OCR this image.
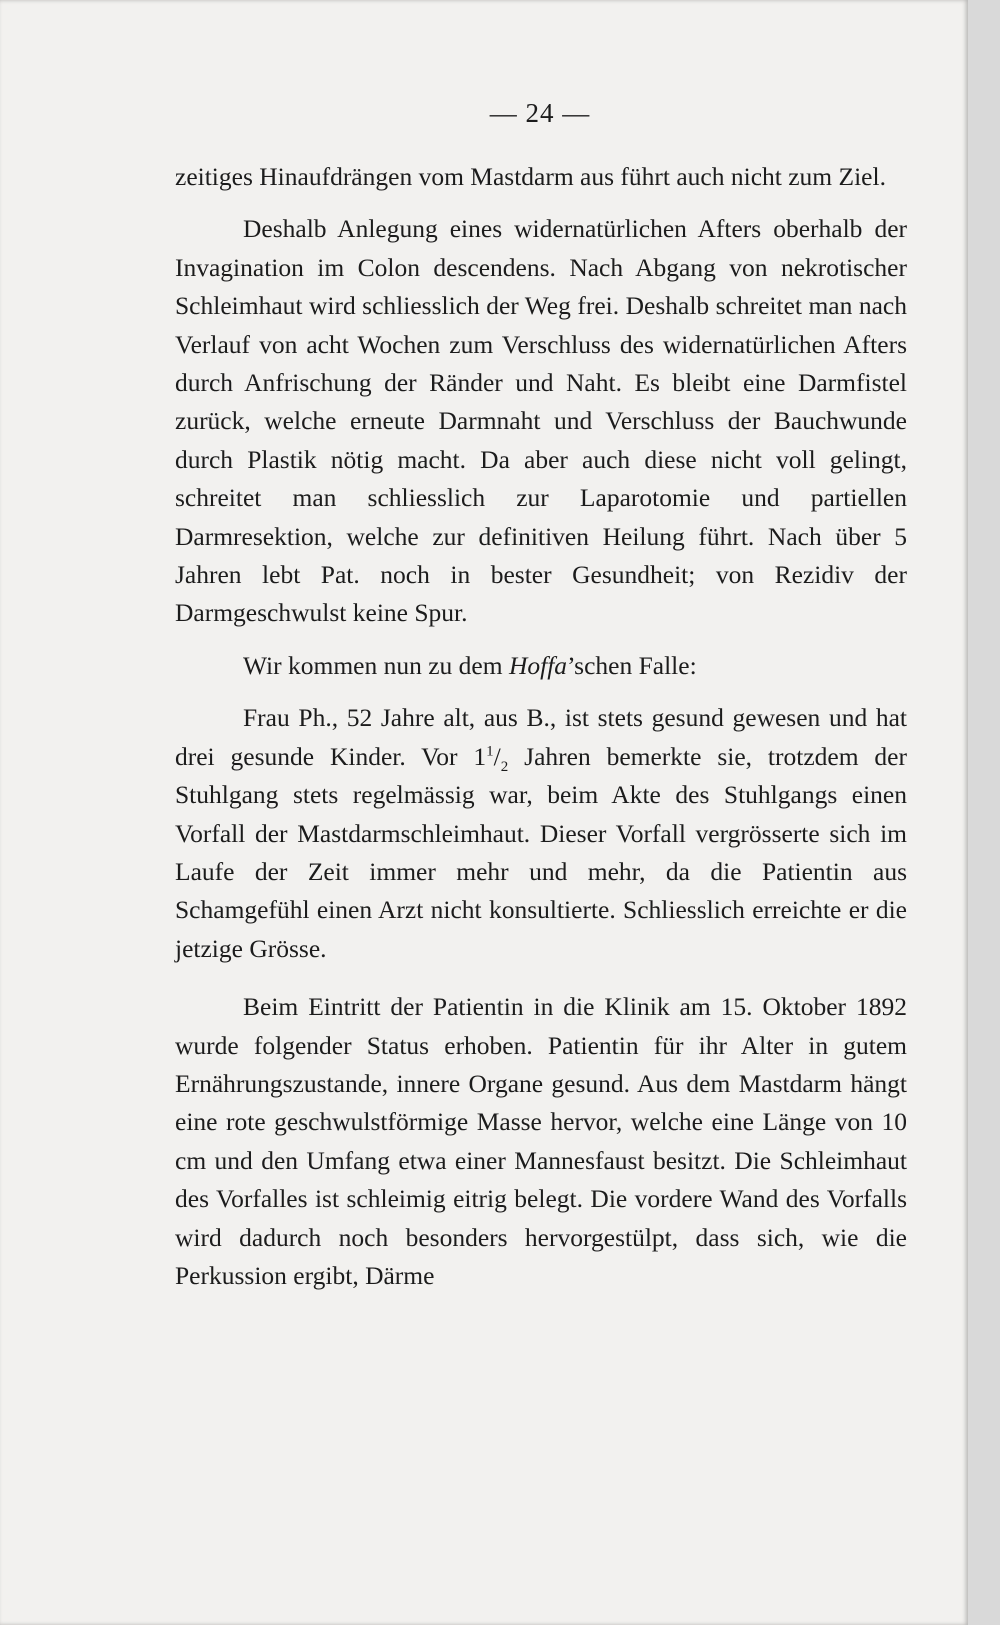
— 24 —

zeitiges Hinaufdrängen vom Mastdarm aus führt auch nicht zum Ziel.

Deshalb Anlegung eines widernatürlichen Afters oberhalb der Invagination im Colon descendens. Nach Abgang von nekrotischer Schleimhaut wird schliesslich der Weg frei. Deshalb schreitet man nach Verlauf von acht Wochen zum Verschluss des widernatürlichen Afters durch Anfrischung der Ränder und Naht. Es bleibt eine Darmfistel zurück, welche erneute Darmnaht und Verschluss der Bauchwunde durch Plastik nötig macht. Da aber auch diese nicht voll gelingt, schreitet man schliesslich zur Laparotomie und partiellen Darmresektion, welche zur definitiven Heilung führt. Nach über 5 Jahren lebt Pat. noch in bester Gesundheit; von Rezidiv der Darmgeschwulst keine Spur.

Wir kommen nun zu dem Hoffa’schen Falle:

Frau Ph., 52 Jahre alt, aus B., ist stets gesund gewesen und hat drei gesunde Kinder. Vor $1^1/_2$ Jahren bemerkte sie, trotzdem der Stuhlgang stets regelmässig war, beim Akte des Stuhlgangs einen Vorfall der Mastdarmschleimhaut. Dieser Vorfall vergrösserte sich im Laufe der Zeit immer mehr und mehr, da die Patientin aus Schamgefühl einen Arzt nicht konsultierte. Schliesslich erreichte er die jetzige Grösse.

Beim Eintritt der Patientin in die Klinik am 15. Oktober 1892 wurde folgender Status erhoben. Patientin für ihr Alter in gutem Ernährungszustande, innere Organe gesund. Aus dem Mastdarm hängt eine rote geschwulstförmige Masse hervor, welche eine Länge von 10 cm und den Umfang etwa einer Mannesfaust besitzt. Die Schleimhaut des Vorfalles ist schleimig eitrig belegt. Die vordere Wand des Vorfalls wird dadurch noch besonders hervorgestülpt, dass sich, wie die Perkussion ergibt, Därme
